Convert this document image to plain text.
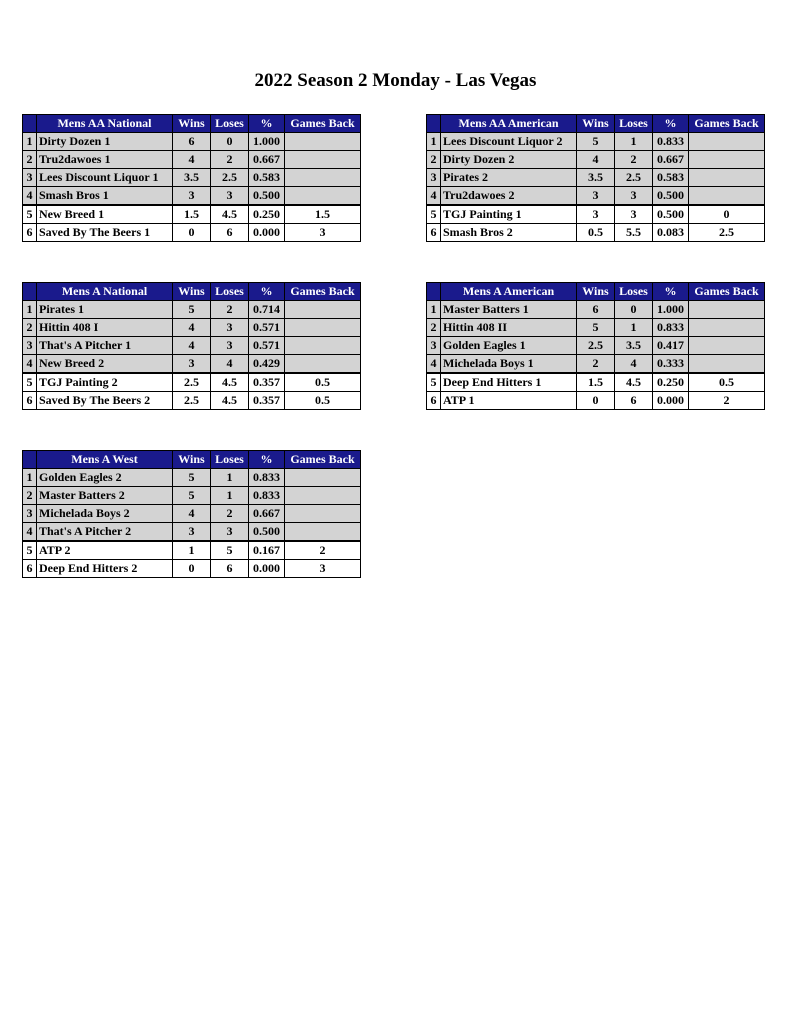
2022 Season 2 Monday - Las Vegas
	Mens AA National	Wins	Loses	%	Games Back
1	Dirty Dozen 1	6	0	1.000	
2	Tru2dawoes 1	4	2	0.667	
3	Lees Discount Liquor 1	3.5	2.5	0.583	
4	Smash Bros 1	3	3	0.500	
5	New Breed 1	1.5	4.5	0.250	1.5
6	Saved By The Beers 1	0	6	0.000	3
	Mens AA American	Wins	Loses	%	Games Back
1	Lees Discount Liquor 2	5	1	0.833	
2	Dirty Dozen 2	4	2	0.667	
3	Pirates 2	3.5	2.5	0.583	
4	Tru2dawoes 2	3	3	0.500	
5	TGJ Painting 1	3	3	0.500	0
6	Smash Bros 2	0.5	5.5	0.083	2.5
	Mens A National	Wins	Loses	%	Games Back
1	Pirates 1	5	2	0.714	
2	Hittin 408 I	4	3	0.571	
3	That's A Pitcher 1	4	3	0.571	
4	New Breed 2	3	4	0.429	
5	TGJ Painting 2	2.5	4.5	0.357	0.5
6	Saved By The Beers 2	2.5	4.5	0.357	0.5
	Mens A American	Wins	Loses	%	Games Back
1	Master Batters 1	6	0	1.000	
2	Hittin 408 II	5	1	0.833	
3	Golden Eagles 1	2.5	3.5	0.417	
4	Michelada Boys 1	2	4	0.333	
5	Deep End Hitters 1	1.5	4.5	0.250	0.5
6	ATP 1	0	6	0.000	2
	Mens A West	Wins	Loses	%	Games Back
1	Golden Eagles 2	5	1	0.833	
2	Master Batters 2	5	1	0.833	
3	Michelada Boys 2	4	2	0.667	
4	That's A Pitcher 2	3	3	0.500	
5	ATP 2	1	5	0.167	2
6	Deep End Hitters 2	0	6	0.000	3
